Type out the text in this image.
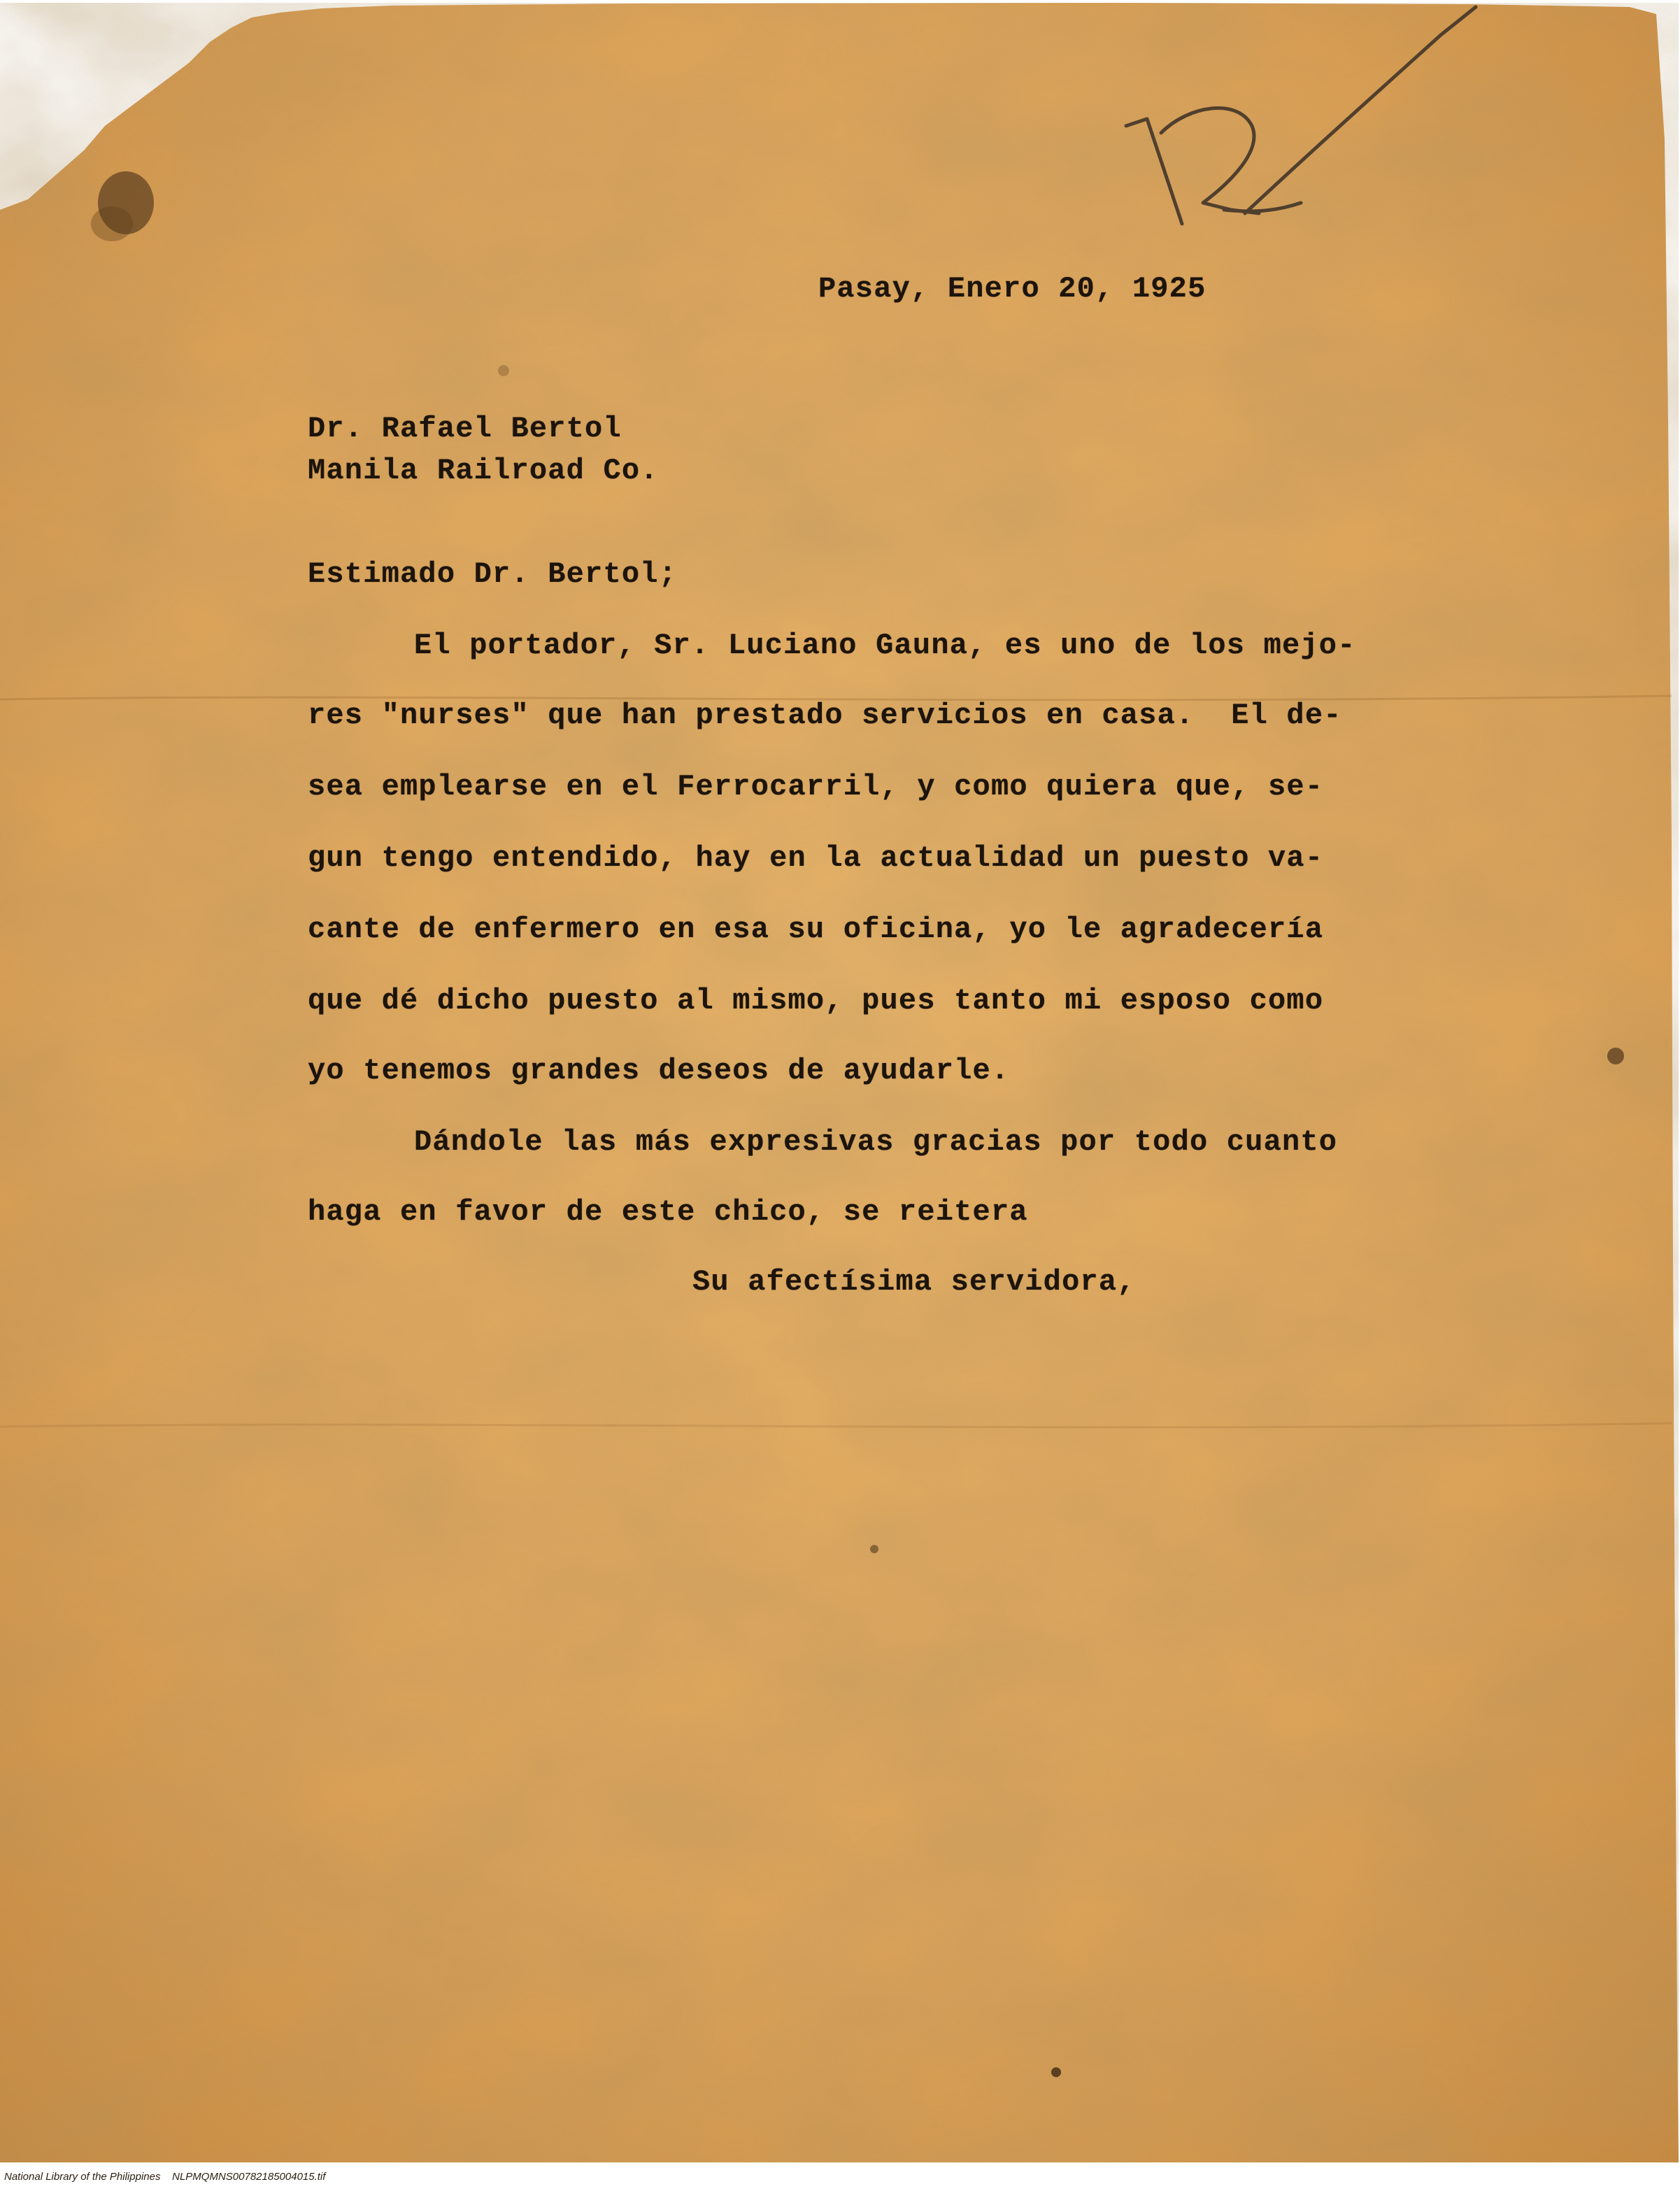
Pasay, Enero 20, 1925
Dr. Rafael Bertol
Manila Railroad Co.
Estimado Dr. Bertol;
El portador, Sr. Luciano Gauna, es uno de los mejo-
res "nurses" que han prestado servicios en casa.  El de-
sea emplearse en el Ferrocarril, y como quiera que, se-
gun tengo entendido, hay en la actualidad un puesto va-
cante de enfermero en esa su oficina, yo le agradecería
que dé dicho puesto al mismo, pues tanto mi esposo como
yo tenemos grandes deseos de ayudarle.
Dándole las más expresivas gracias por todo cuanto
haga en favor de este chico, se reitera
Su afectísima servidora,
National Library of the Philippines    NLPMQMNS00782185004015.tif
